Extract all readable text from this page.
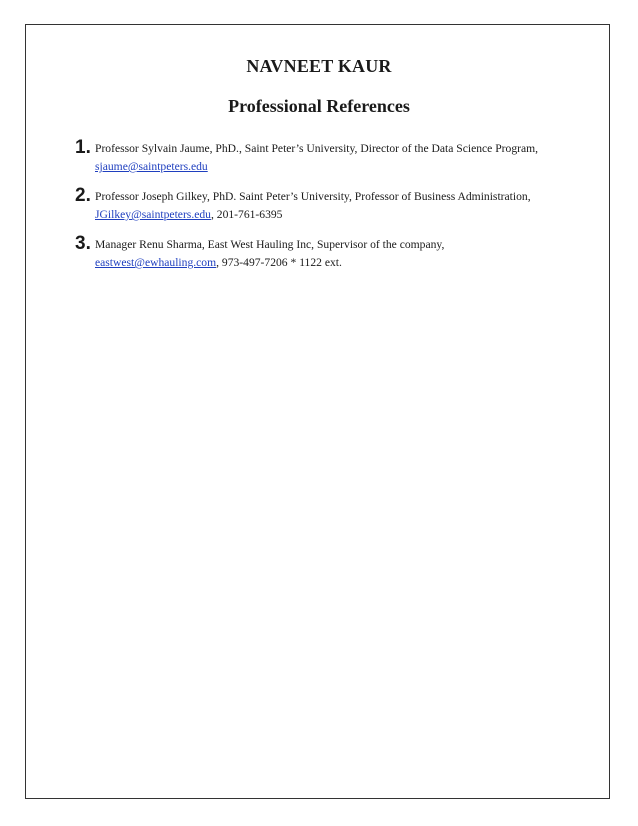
NAVNEET KAUR
Professional References
1. Professor Sylvain Jaume, PhD., Saint Peter’s University, Director of the Data Science Program,
sjaume@saintpeters.edu
2. Professor Joseph Gilkey, PhD. Saint Peter’s University, Professor of Business Administration,
JGilkey@saintpeters.edu, 201-761-6395
3. Manager Renu Sharma, East West Hauling Inc, Supervisor of the company,
eastwest@ewhauling.com, 973-497-7206 * 1122 ext.
